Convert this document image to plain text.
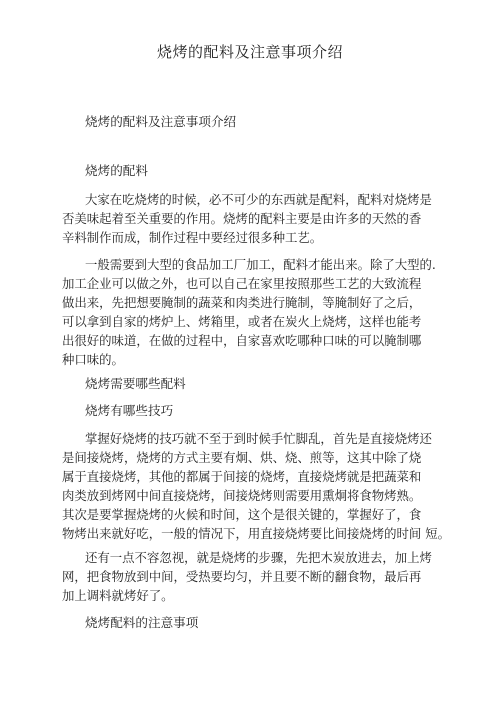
烧烤的配料及注意事项介绍
烧烤的配料及注意事项介绍
烧烤的配料
大家在吃烧烤的时候，必不可少的东西就是配料，配料对烧烤是
否美味起着至关重要的作用。烧烤的配料主要是由许多的天然的香
辛料制作而成，制作过程中要经过很多种工艺。
一般需要到大型的食品加工厂加工，配料才能出来。除了大型的.
加工企业可以做之外，也可以自己在家里按照那些工艺的大致流程
做出来，先把想要腌制的蔬菜和肉类进行腌制，等腌制好了之后，
可以拿到自家的烤炉上、烤箱里，或者在炭火上烧烤，这样也能考
出很好的味道，在做的过程中，自家喜欢吃哪种口味的可以腌制哪
种口味的。
烧烤需要哪些配料
烧烤有哪些技巧
掌握好烧烤的技巧就不至于到时候手忙脚乱，首先是直接烧烤还
是间接烧烤，烧烤的方式主要有炯、烘、烧、煎等，这其中除了烧
属于直接烧烤，其他的都属于间接的烧烤，直接烧烤就是把蔬菜和
肉类放到烤网中间直接烧烤，间接烧烤则需要用熏炯将食物烤熟。
其次是要掌握烧烤的火候和时间，这个是很关键的，掌握好了，食
物烤出来就好吃，一般的情况下，用直接烧烤要比间接烧烤的时间 短。
还有一点不容忽视，就是烧烤的步骤，先把木炭放进去，加上烤
网，把食物放到中间，受热要均匀，并且要不断的翻食物，最后再
加上调料就烤好了。
烧烤配料的注意事项
